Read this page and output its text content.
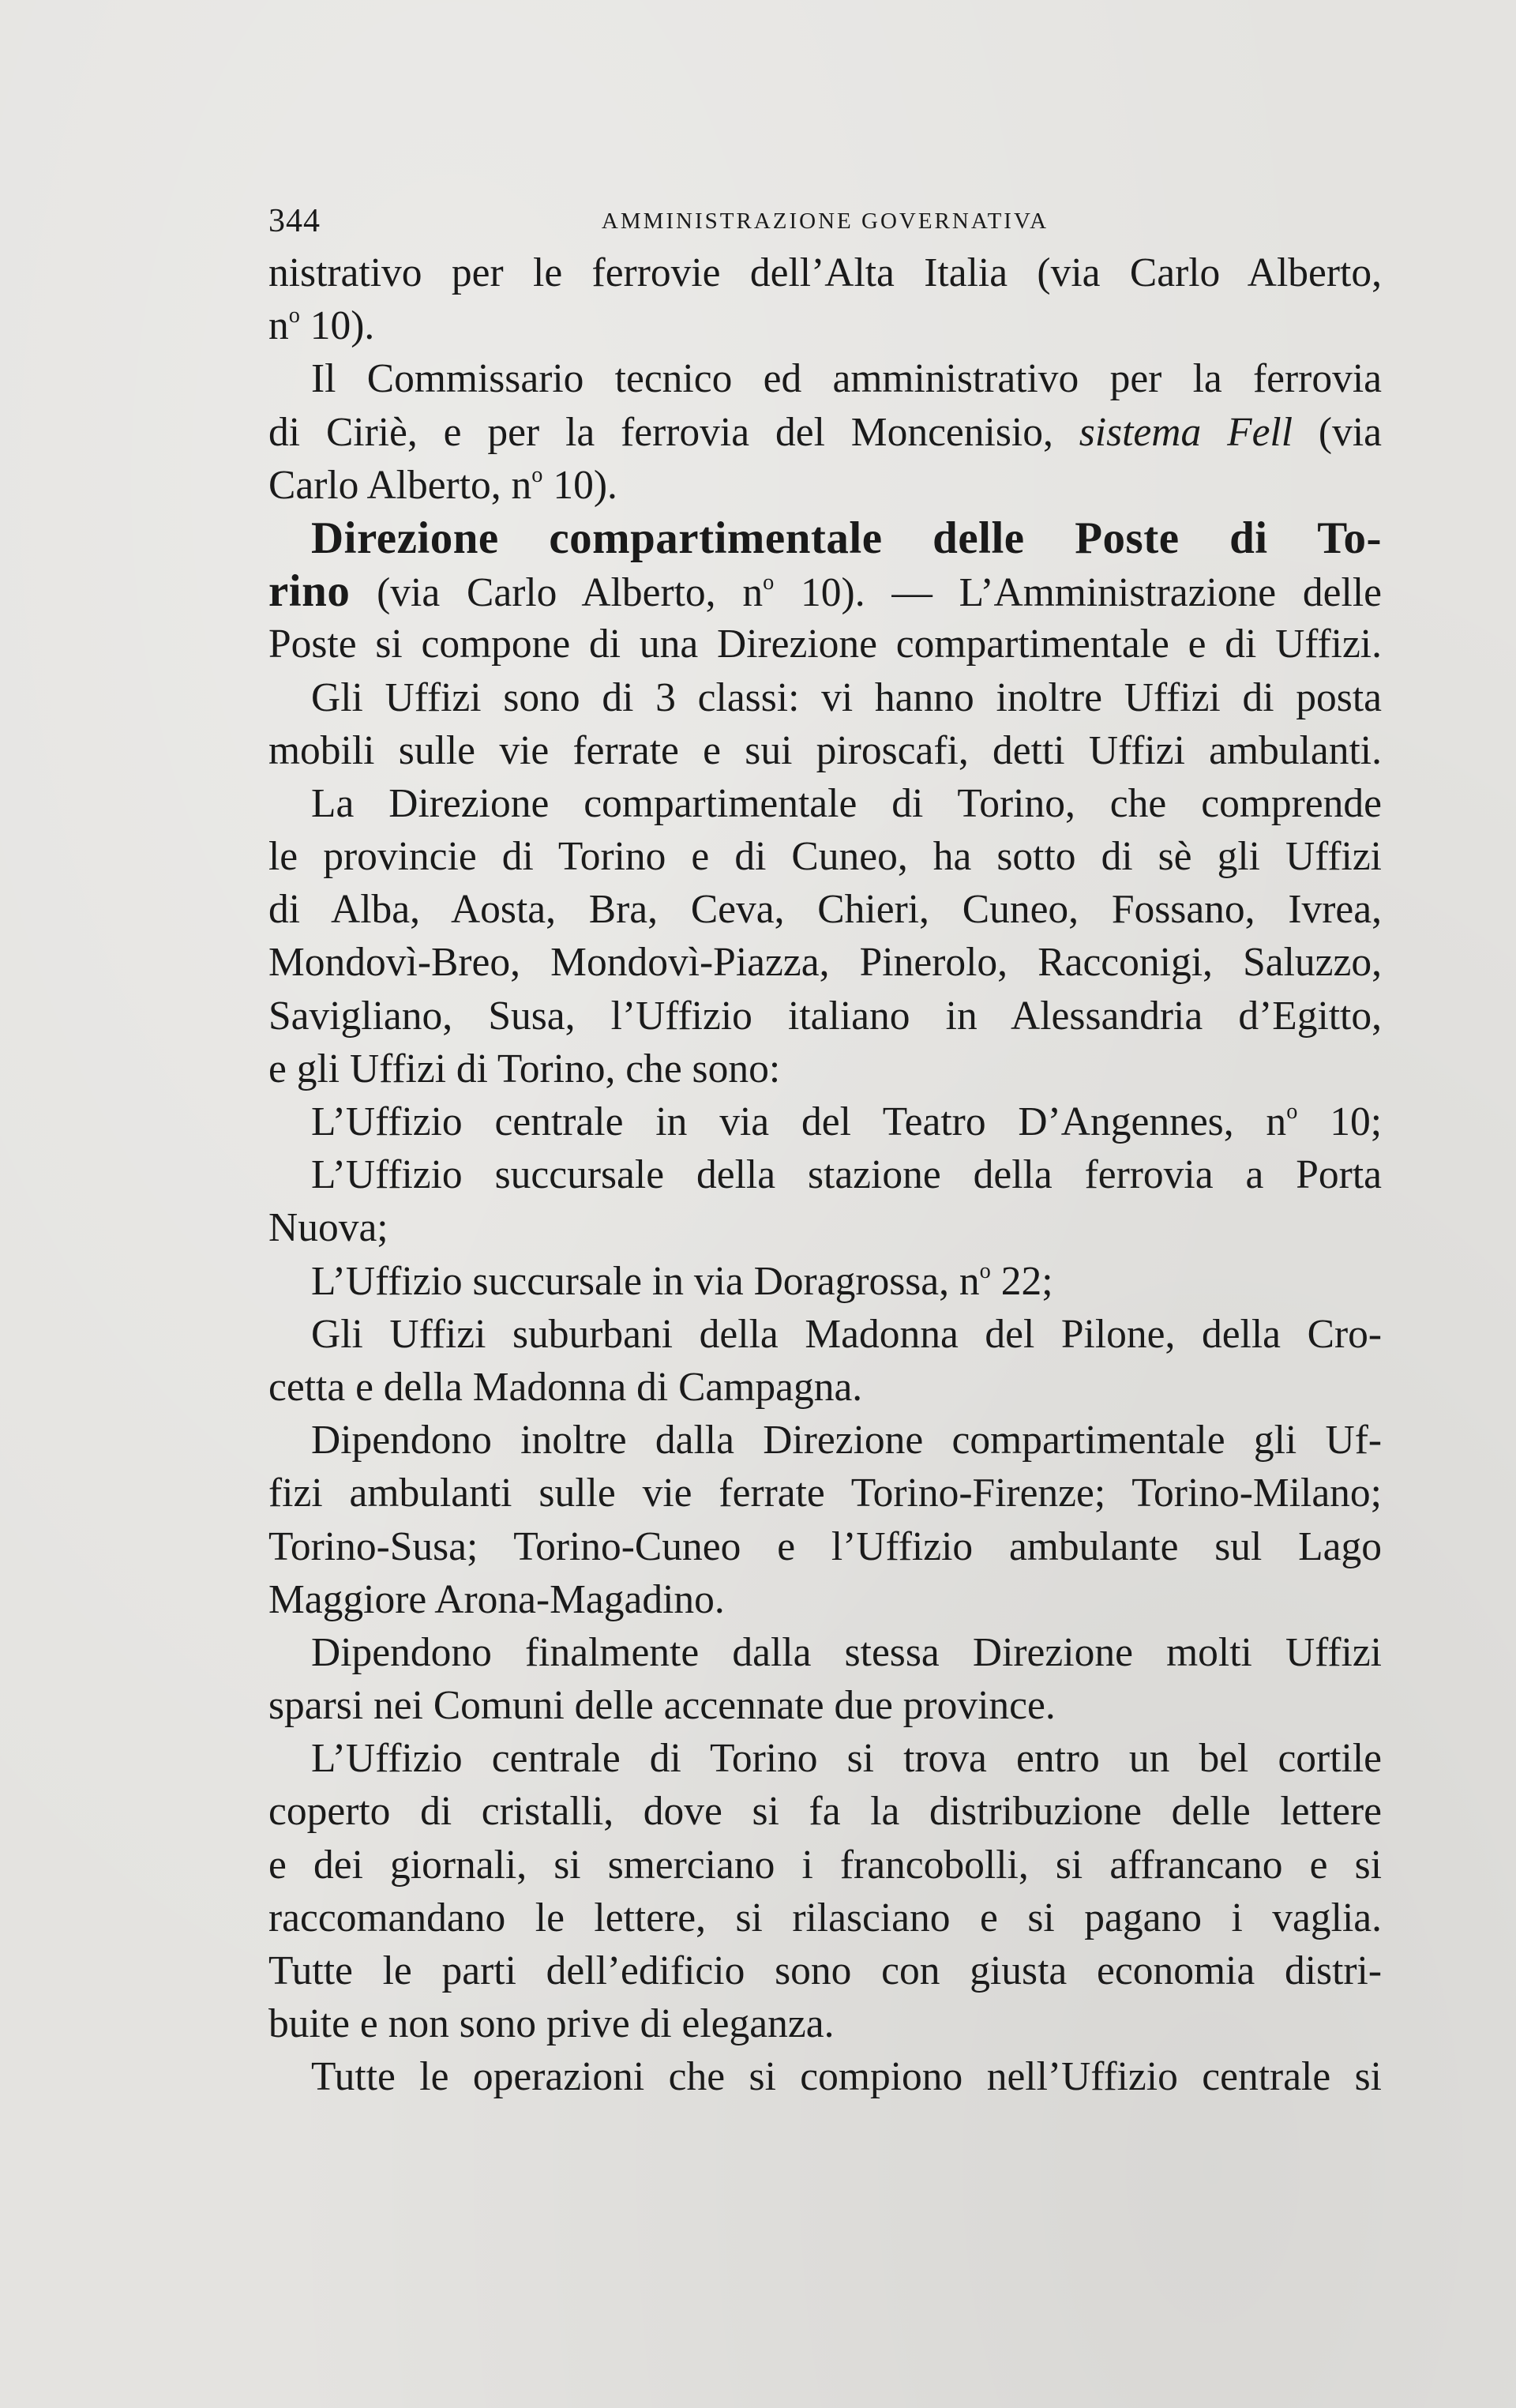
344	AMMINISTRAZIONE GOVERNATIVA
nistrativo per le ferrovie dell’Alta Italia (via Carlo Alberto,
$n^o$ 10).
Il Commissario tecnico ed amministrativo per la ferrovia
di Ciriè, e per la ferrovia del Moncenisio, sistema Fell (via
Carlo Alberto, $n^o$ 10).
Direzione compartimentale delle Poste di To-
rino (via Carlo Alberto, $n^o$ 10). — L’Amministrazione delle
Poste si compone di una Direzione compartimentale e di Uffizi.
Gli Uffizi sono di 3 classi: vi hanno inoltre Uffizi di posta
mobili sulle vie ferrate e sui piroscafi, detti Uffizi ambulanti.
La Direzione compartimentale di Torino, che comprende
le provincie di Torino e di Cuneo, ha sotto di sè gli Uffizi
di Alba, Aosta, Bra, Ceva, Chieri, Cuneo, Fossano, Ivrea,
Mondovì-Breo, Mondovì-Piazza, Pinerolo, Racconigi, Saluzzo,
Savigliano, Susa, l’Uffizio italiano in Alessandria d’Egitto,
e gli Uffizi di Torino, che sono:
L’Uffizio centrale in via del Teatro D’Angennes, $n^o$ 10;
L’Uffizio succursale della stazione della ferrovia a Porta
Nuova;
L’Uffizio succursale in via Doragrossa, $n^o$ 22;
Gli Uffizi suburbani della Madonna del Pilone, della Cro-
cetta e della Madonna di Campagna.
Dipendono inoltre dalla Direzione compartimentale gli Uf-
fizi ambulanti sulle vie ferrate Torino-Firenze; Torino-Milano;
Torino-Susa; Torino-Cuneo e l’Uffizio ambulante sul Lago
Maggiore Arona-Magadino.
Dipendono finalmente dalla stessa Direzione molti Uffizi
sparsi nei Comuni delle accennate due province.
L’Uffizio centrale di Torino si trova entro un bel cortile
coperto di cristalli, dove si fa la distribuzione delle lettere
e dei giornali, si smerciano i francobolli, si affrancano e si
raccomandano le lettere, si rilasciano e si pagano i vaglia.
Tutte le parti dell’edificio sono con giusta economia distri-
buite e non sono prive di eleganza.
Tutte le operazioni che si compiono nell’Uffizio centrale si
